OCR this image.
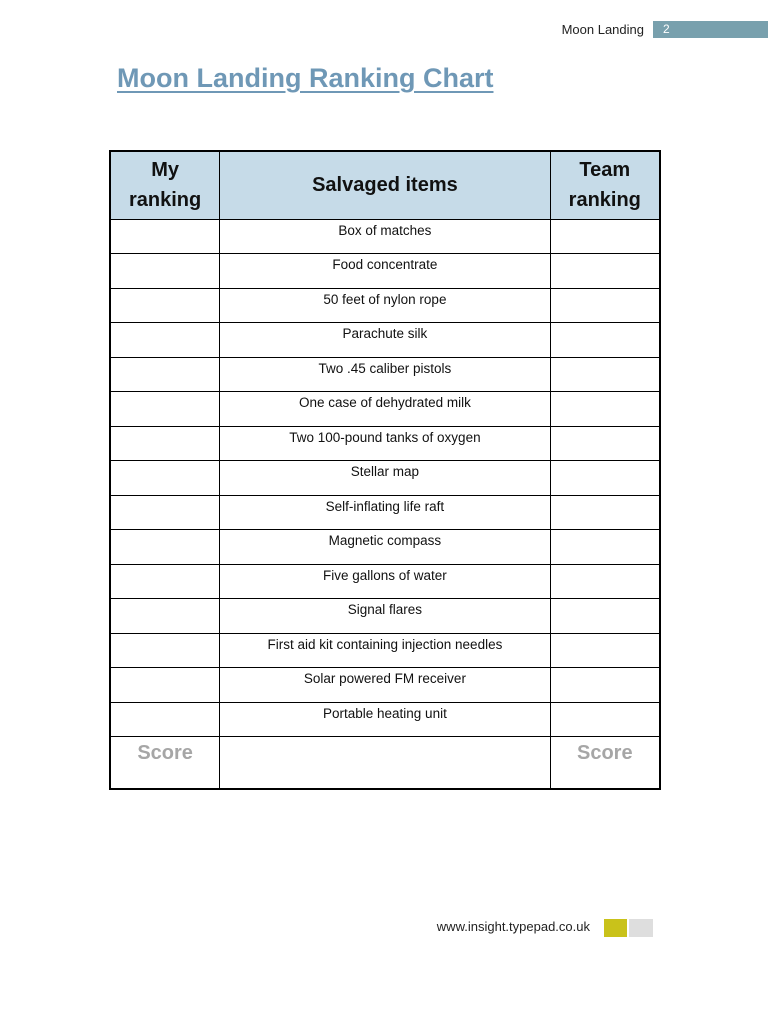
Moon Landing	2
Moon Landing Ranking Chart
My ranking	Salvaged items	Team ranking
	Box of matches	
	Food concentrate	
	50 feet of nylon rope	
	Parachute silk	
	Two .45 caliber pistols	
	One case of dehydrated milk	
	Two 100-pound tanks of oxygen	
	Stellar map	
	Self-inflating life raft	
	Magnetic compass	
	Five gallons of water	
	Signal flares	
	First aid kit containing injection needles	
	Solar powered FM receiver	
	Portable heating unit	
Score		Score
www.insight.typepad.co.uk
